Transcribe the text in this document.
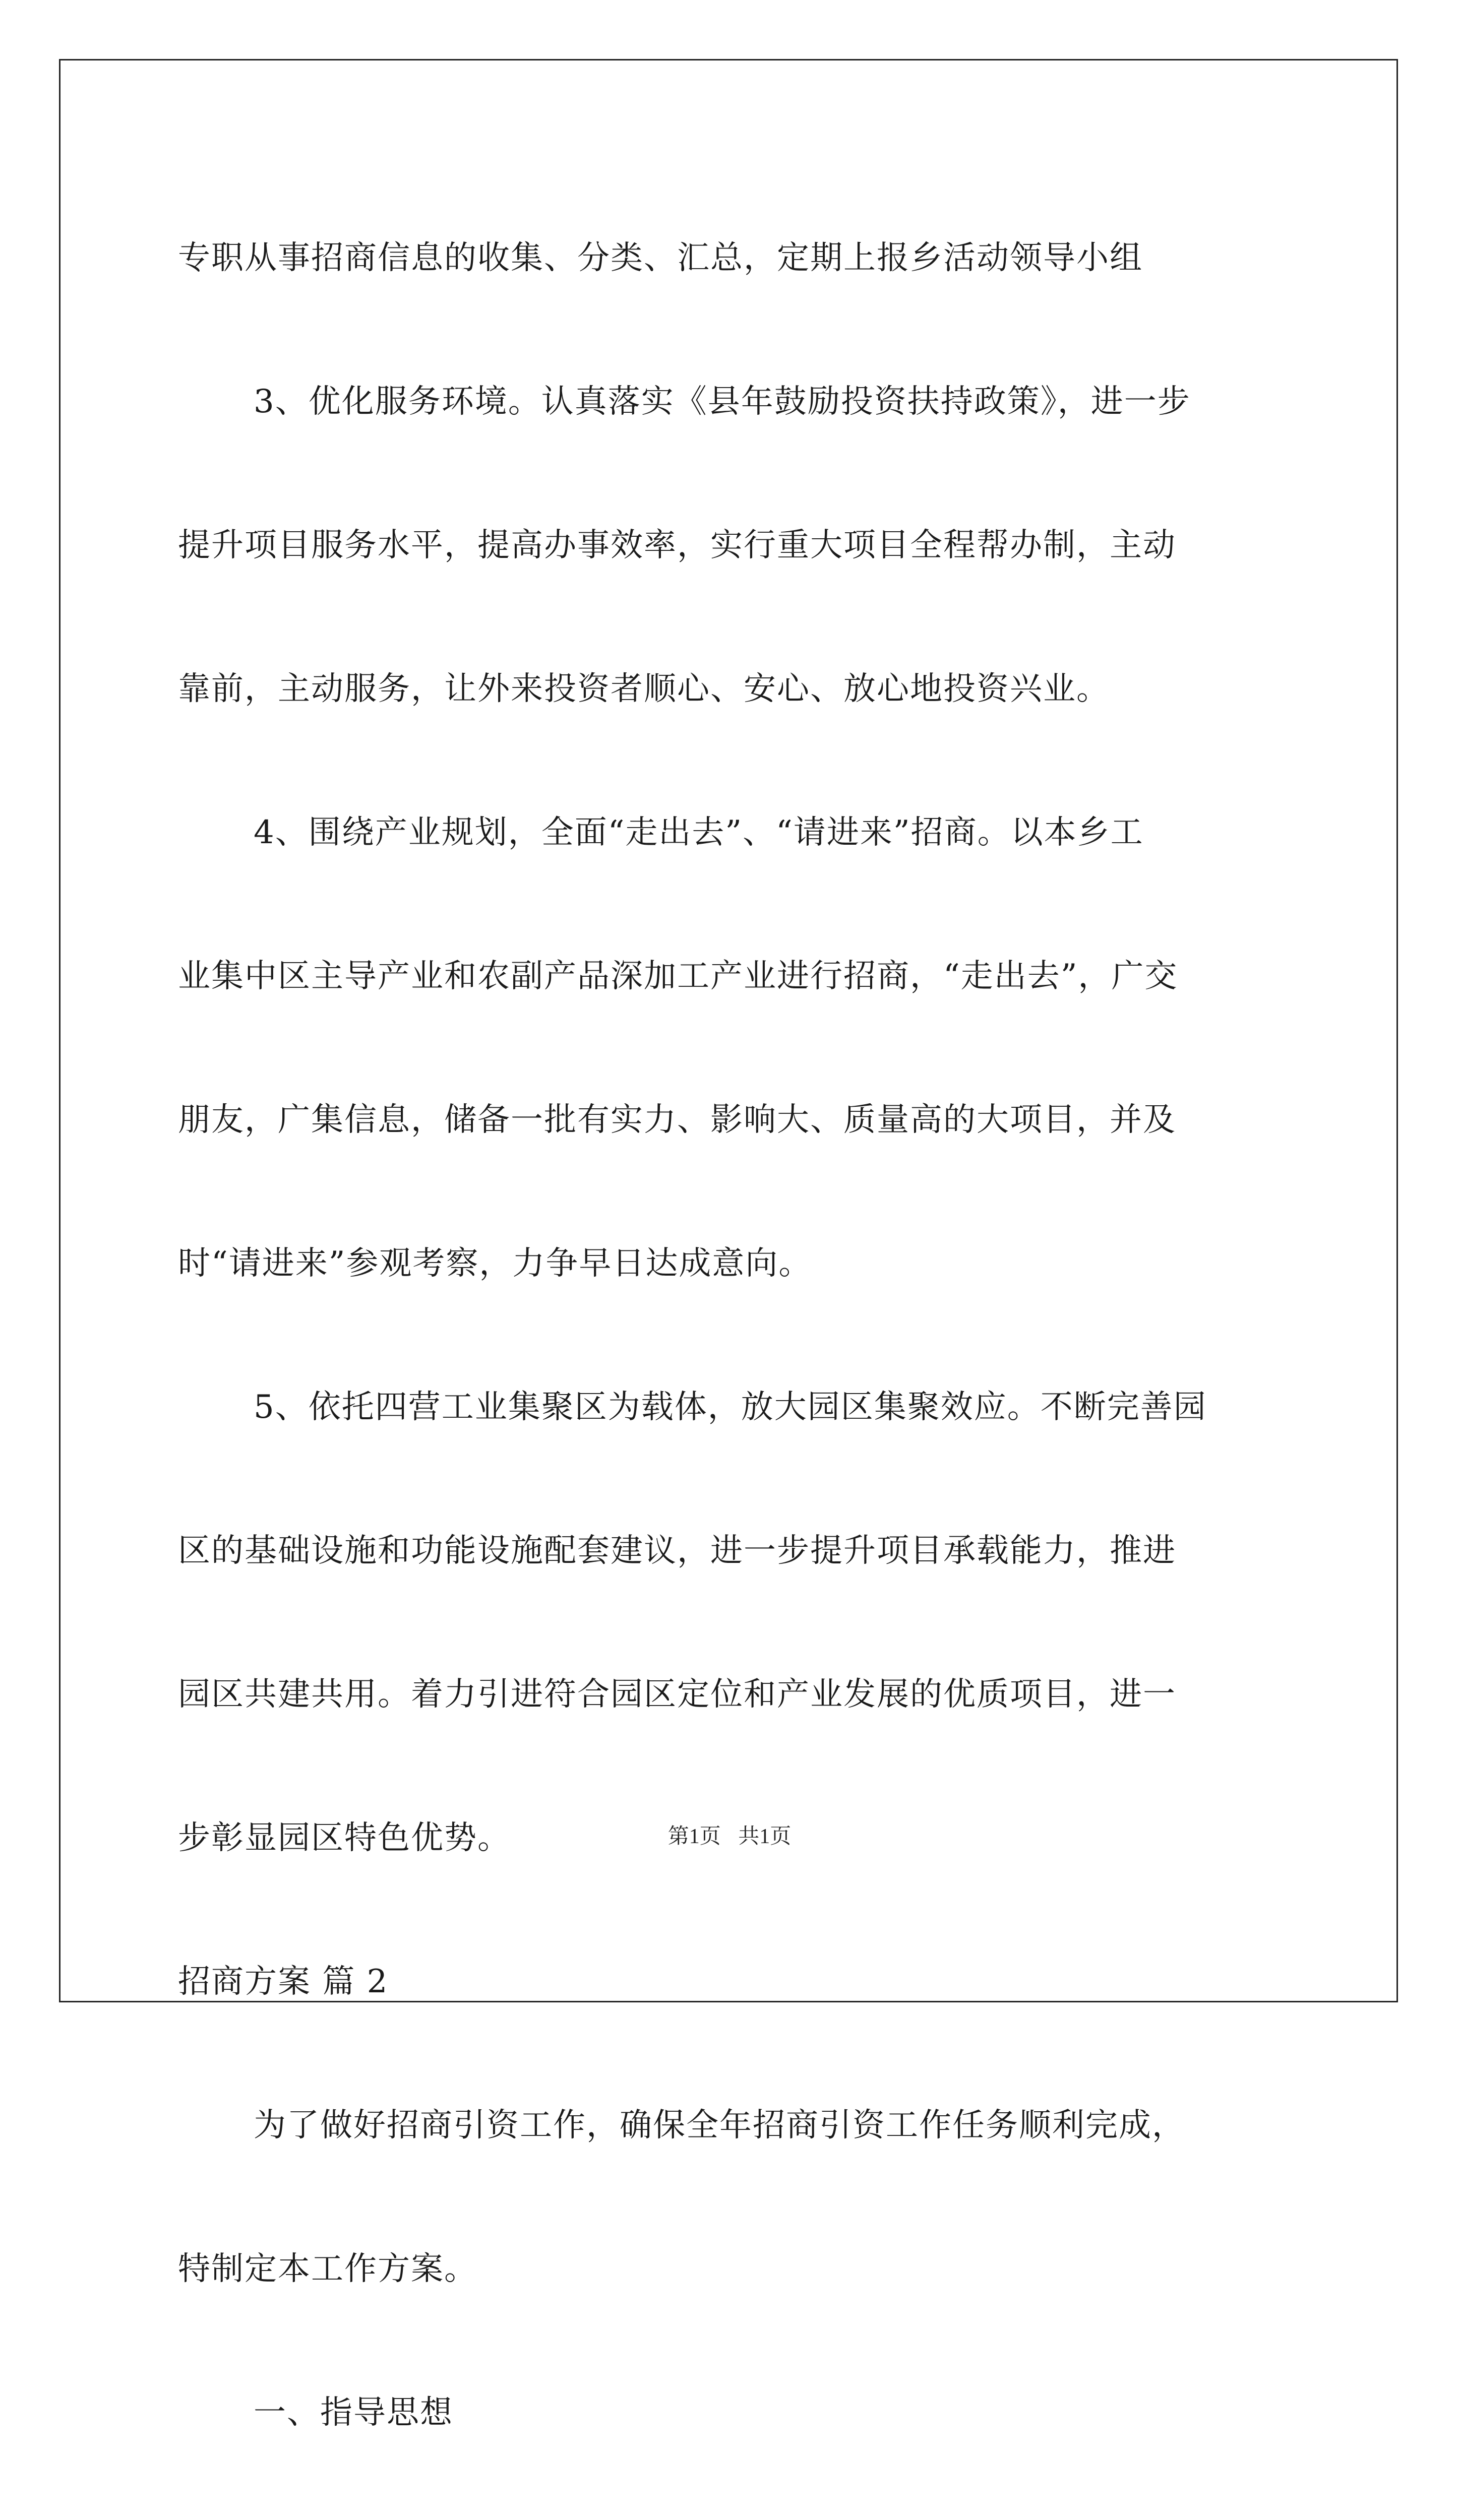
专职从事招商信息的收集、分类、汇总，定期上报乡活动领导小组

3、优化服务环境。认真落实《县年鼓励投资扶持政策》，进一步

提升项目服务水平，提高办事效率，实行重大项目全程帮办制，主动

靠前，主动服务，让外来投资者顺心、安心、放心地投资兴业。

4、围绕产业规划，全面“走出去”、“请进来”招商。以本乡工

业集中区主导产业和农副产品深加工产业进行招商，“走出去”，广交

朋友，广集信息，储备一批有实力、影响大、质量高的大项目，并及

时“请进来”参观考察，力争早日达成意向。

5、依托四营工业集聚区为载体，放大园区集聚效应。不断完善园

区的基础设施和功能设施配套建议，进一步提升项目承载能力，推进

园区共建共用。着力引进符合园区定位和产业发展的优质项目，进一

步彰显园区特色优势。

招商方案 篇 2

为了做好招商引资工作，确保全年招商引资工作任务顺利完成，

特制定本工作方案。

一、指导思想

第1页 共1页
